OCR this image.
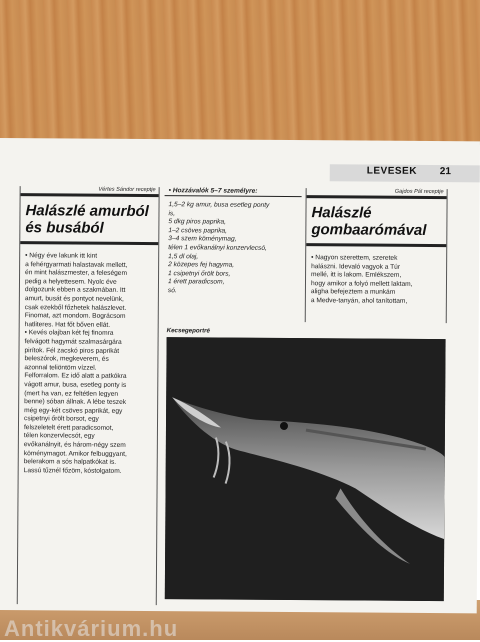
LEVESEK 21
Vértes Sándor receptje
Halászlé amurból és busából
• Négy éve lakunk itt kint
a fehérgyarmati halastavak mellett,
én mint halászmester, a feleségem
pedig a helyettesem. Nyolc éve
dolgozunk ebben a szakmában. Itt
amurt, busát és pontyot nevelünk,
csak ezekből főzhetek halászlevet.
Finomat, azt mondom. Bográcsom
hatliteres. Hat főt bőven ellát.
• Kevés olajban két fej finomra
felvágott hagymát szalmasárgára
pirítok. Fél zacskó piros paprikát
beleszórok, megkeverem, és
azonnal teliöntöm vízzel.
Felforralom. Ez idő alatt a patkókra
vágott amur, busa, esetleg ponty is
(mert ha van, ez feltétlen legyen
benne) sóban állnak. A lébe teszek
még egy-két csöves paprikát, egy
csipetnyi őrölt borsot, egy
felszeletelt érett paradicsomot,
télen konzervlecsót, egy
evőkanálnyit, és három-négy szem
köménymagot. Amikor felbuggyant,
belerakom a sós halpatkókat is.
Lassú tűznél főzöm, kóstolgatom.
• Hozzávalók 5–7 személyre:
1,5–2 kg amur, busa esetleg ponty
is,
5 dkg piros paprika,
1–2 csöves paprika,
3–4 szem köménymag,
télen 1 evőkanálnyi konzervlecsó,
1,5 dl olaj,
2 közepes fej hagyma,
1 csipetnyi őrölt bors,
1 érett paradicsom,
só.
Gajdos Pál receptje
Halászlé gombaarómával
• Nagyon szerettem, szeretek
halászni. Idevaló vagyok a Túr
mellé, itt is lakom. Emlékszem,
hogy amikor a folyó mellett laktam,
aligha befejeztem a munkám
a Medve-tanyán, ahol tanítottam,
Kecsegeportré
Antikvárium.hu
